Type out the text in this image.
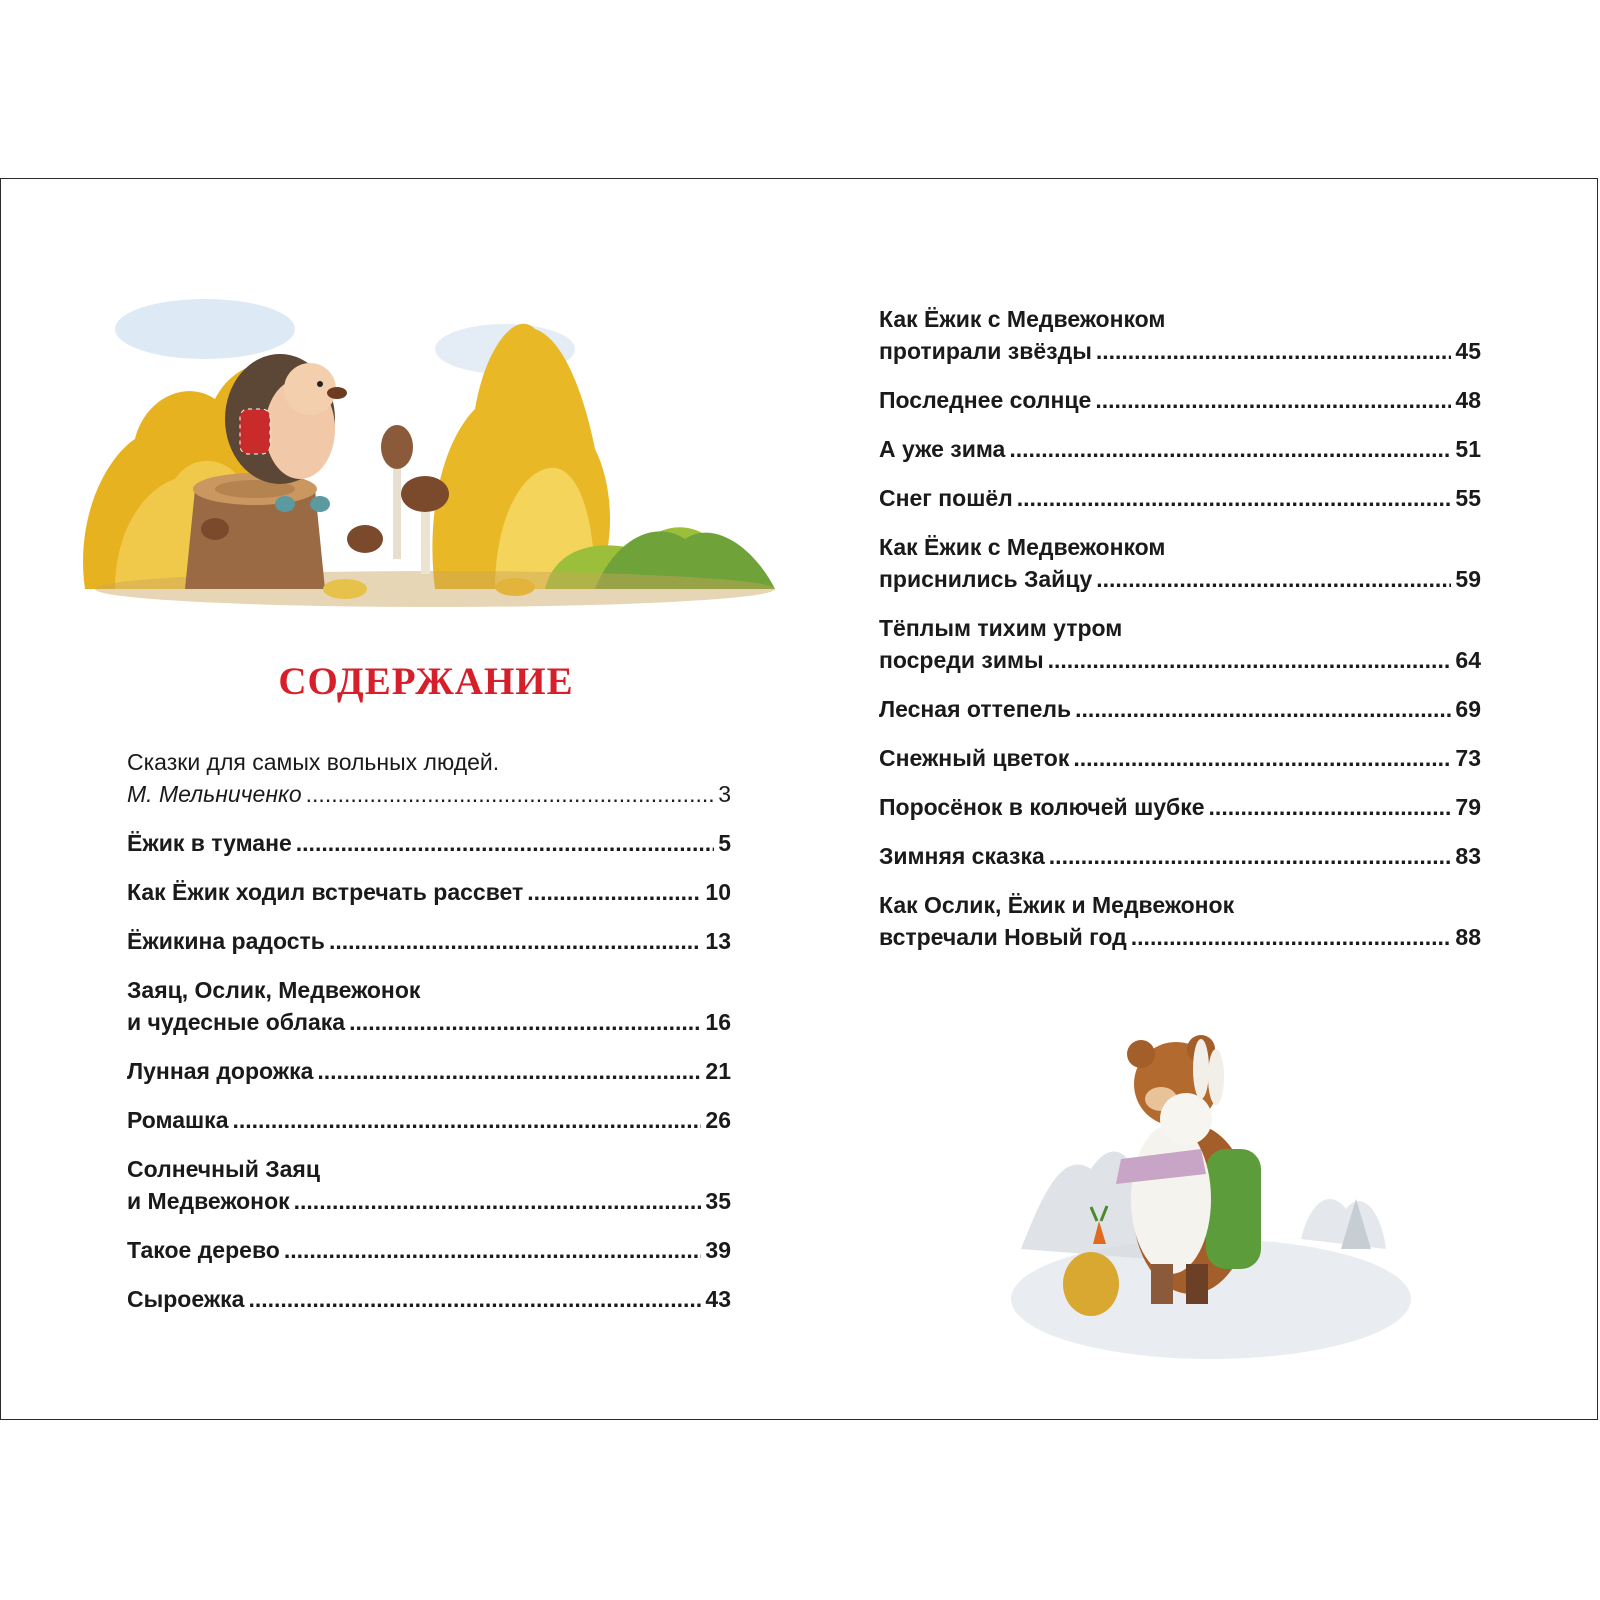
СОДЕРЖАНИЕ
Сказки для самых вольных людей.
М. Мельниченко .....	3
Ёжик в тумане .....	5
Как Ёжик ходил встречать рассвет .....	10
Ёжикина радость .....	13
Заяц, Ослик, Медвежонок
и чудесные облака .....	16
Лунная дорожка .....	21
Ромашка .....	26
Солнечный Заяц
и Медвежонок .....	35
Такое дерево .....	39
Сыроежка .....	43
Как Ёжик с Медвежонком
протирали звёзды .....	45
Последнее солнце .....	48
А уже зима .....	51
Снег пошёл .....	55
Как Ёжик с Медвежонком
приснились Зайцу .....	59
Тёплым тихим утром
посреди зимы .....	64
Лесная оттепель .....	69
Снежный цветок .....	73
Поросёнок в колючей шубке .....	79
Зимняя сказка .....	83
Как Ослик, Ёжик и Медвежонок
встречали Новый год .....	88
